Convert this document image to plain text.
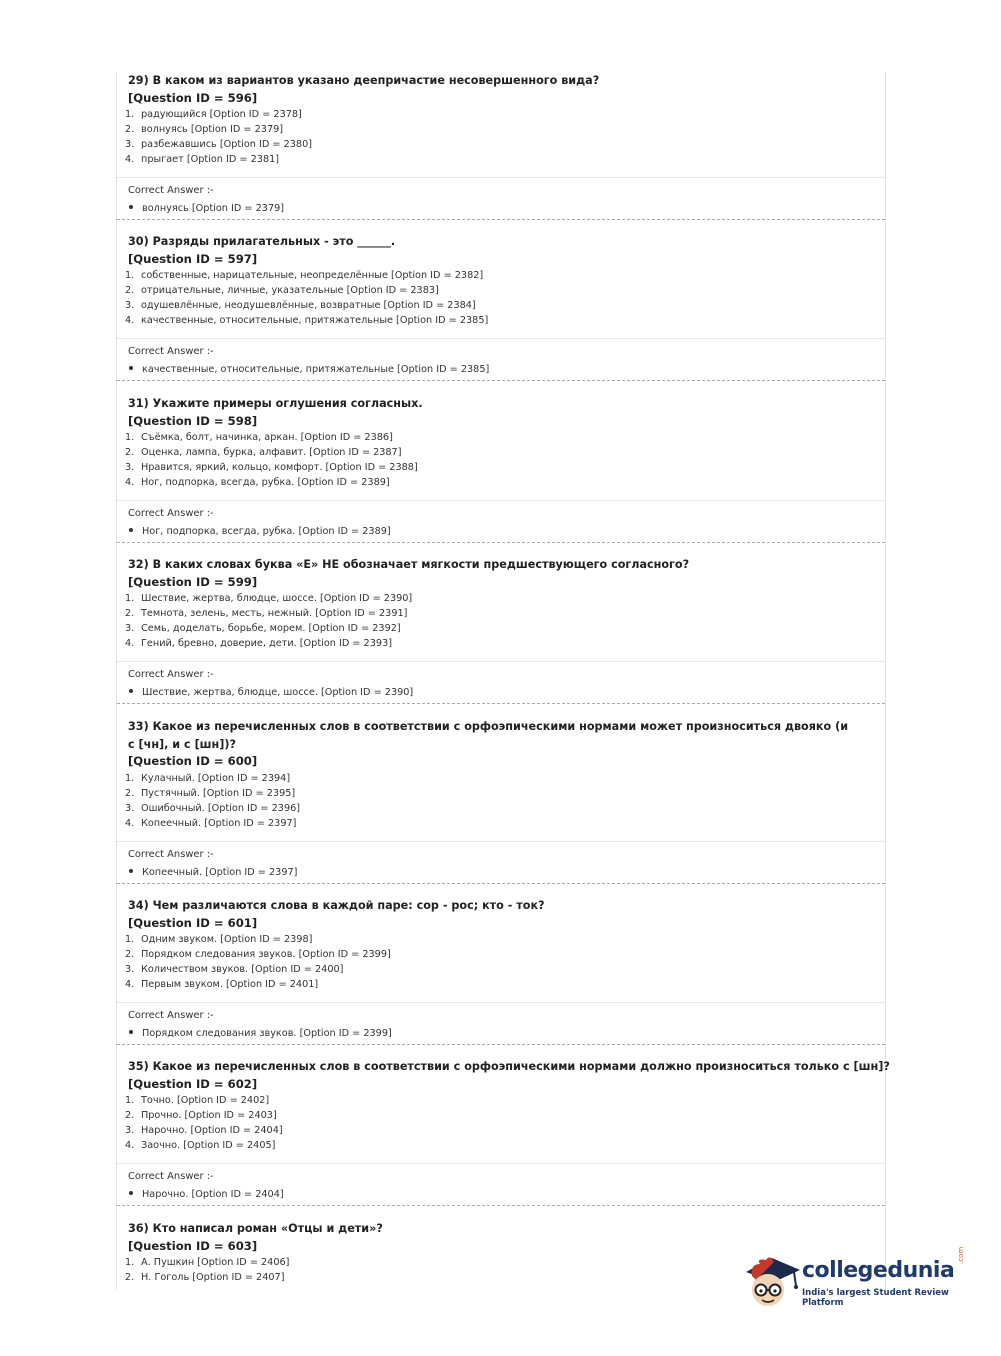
29) В каком из вариантов указано деепричастие несовершенного вида?
[Question ID = 596]
1. радующийся [Option ID = 2378]
2. волнуясь [Option ID = 2379]
3. разбежавшись [Option ID = 2380]
4. прыгает [Option ID = 2381]
Correct Answer :-
волнуясь [Option ID = 2379]
30) Разряды прилагательных - это ______.
[Question ID = 597]
1. собственные, нарицательные, неопределённые [Option ID = 2382]
2. отрицательные, личные, указательные [Option ID = 2383]
3. одушевлённые, неодушевлённые, возвратные [Option ID = 2384]
4. качественные, относительные, притяжательные [Option ID = 2385]
Correct Answer :-
качественные, относительные, притяжательные [Option ID = 2385]
31) Укажите примеры оглушения согласных.
[Question ID = 598]
1. Съёмка, болт, начинка, аркан. [Option ID = 2386]
2. Оценка, лампа, бурка, алфавит. [Option ID = 2387]
3. Нравится, яркий, кольцо, комфорт. [Option ID = 2388]
4. Ног, подпорка, всегда, рубка. [Option ID = 2389]
Correct Answer :-
Ног, подпорка, всегда, рубка. [Option ID = 2389]
32) В каких словах буква «Е» НЕ обозначает мягкости предшествующего согласного?
[Question ID = 599]
1. Шествие, жертва, блюдце, шоссе. [Option ID = 2390]
2. Темнота, зелень, месть, нежный. [Option ID = 2391]
3. Семь, доделать, борьбе, морем. [Option ID = 2392]
4. Гений, бревно, доверие, дети. [Option ID = 2393]
Correct Answer :-
Шествие, жертва, блюдце, шоссе. [Option ID = 2390]
33) Какое из перечисленных слов в соответствии с орфоэпическими нормами может произноситься двояко (и с [чн], и с [шн])?
[Question ID = 600]
1. Кулачный. [Option ID = 2394]
2. Пустячный. [Option ID = 2395]
3. Ошибочный. [Option ID = 2396]
4. Копеечный. [Option ID = 2397]
Correct Answer :-
Копеечный. [Option ID = 2397]
34) Чем различаются слова в каждой паре: сор - рос; кто - ток?
[Question ID = 601]
1. Одним звуком. [Option ID = 2398]
2. Порядком следования звуков. [Option ID = 2399]
3. Количеством звуков. [Option ID = 2400]
4. Первым звуком. [Option ID = 2401]
Correct Answer :-
Порядком следования звуков. [Option ID = 2399]
35) Какое из перечисленных слов в соответствии с орфоэпическими нормами должно произноситься только с [шн]?
[Question ID = 602]
1. Точно. [Option ID = 2402]
2. Прочно. [Option ID = 2403]
3. Нарочно. [Option ID = 2404]
4. Заочно. [Option ID = 2405]
Correct Answer :-
Нарочно. [Option ID = 2404]
36) Кто написал роман «Отцы и дети»?
[Question ID = 603]
1. А. Пушкин [Option ID = 2406]
2. Н. Гоголь [Option ID = 2407]	collegedunia
.com
India's largest Student Review Platform
